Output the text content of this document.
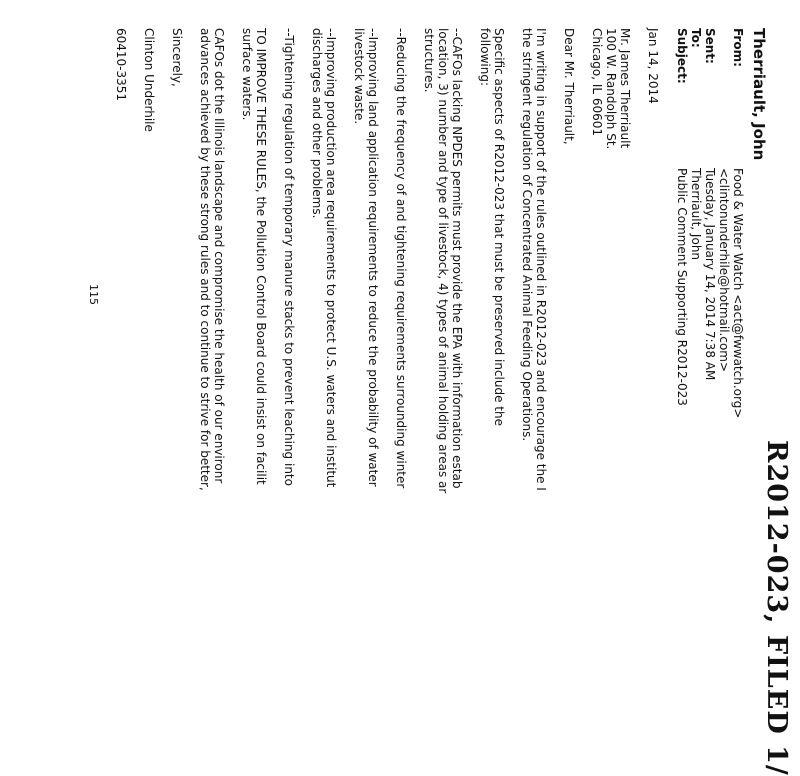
R2012-023, FILED 1/
Therriault, John
From:
Food & Water Watch <act@fwwatch.org>
<clintonunderhile@hotmail.com>
Sent:
Tuesday, January 14, 2014 7:38 AM
To:
Therriault, John
Subject:
Public Comment Supporting R2012-023

Jan 14, 2014

Mr. James Therriault

100 W. Randolph St.

Chicago, IL 60601

Dear Mr. Therriault,

I'm writing in support of the rules outlined in R2012-023 and encourage the I

the stringent regulation of Concentrated Animal Feeding Operations.

Specific aspects of R2012-023 that must be preserved include the

following:

--CAFOs lacking NPDES permits must provide the EPA with information estab

location, 3) number and type of livestock, 4) types of animal holding areas ar

structures.

--Reducing the frequency of and tightening requirements surrounding winter

--Improving land application requirements to reduce the probability of water

livestock waste.

--Improving production area requirements to protect U.S. waters and institut

discharges and other problems.

--Tightening regulation of temporary manure stacks to prevent leaching into

TO IMPROVE THESE RULES, the Pollution Control Board could insist on facilit

surface waters.

CAFOs dot the Illinois landscape and compromise the health of our environr

advances achieved by these strong rules and to continue to strive for better,

Sincerely,

Clinton Underhile

60410-3351

115
